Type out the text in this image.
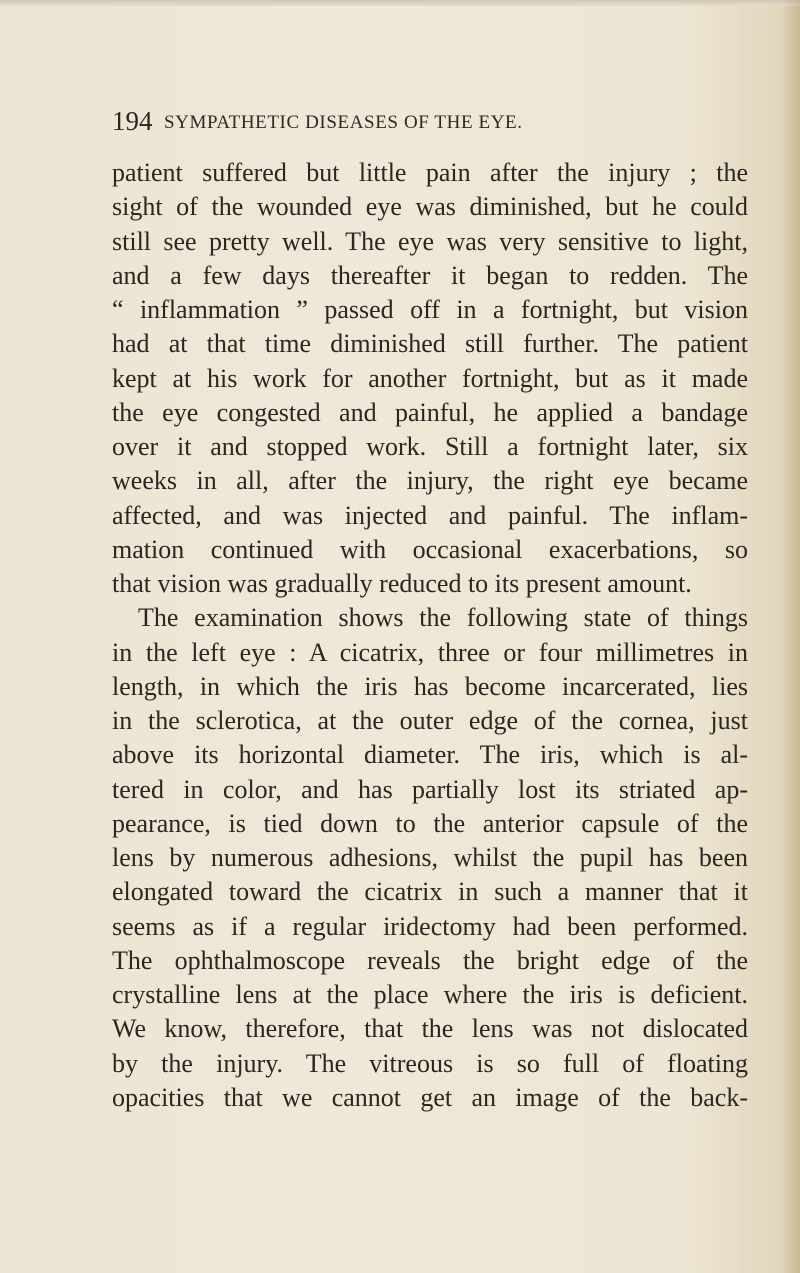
194 SYMPATHETIC DISEASES OF THE EYE.
patient suffered but little pain after the injury ; the
sight of the wounded eye was diminished, but he could
still see pretty well. The eye was very sensitive to light,
and a few days thereafter it began to redden. The
“ inflammation ” passed off in a fortnight, but vision
had at that time diminished still further. The patient
kept at his work for another fortnight, but as it made
the eye congested and painful, he applied a bandage
over it and stopped work. Still a fortnight later, six
weeks in all, after the injury, the right eye became
affected, and was injected and painful. The inflam-
mation continued with occasional exacerbations, so
that vision was gradually reduced to its present amount.
The examination shows the following state of things
in the left eye : A cicatrix, three or four millimetres in
length, in which the iris has become incarcerated, lies
in the sclerotica, at the outer edge of the cornea, just
above its horizontal diameter. The iris, which is al-
tered in color, and has partially lost its striated ap-
pearance, is tied down to the anterior capsule of the
lens by numerous adhesions, whilst the pupil has been
elongated toward the cicatrix in such a manner that it
seems as if a regular iridectomy had been performed.
The ophthalmoscope reveals the bright edge of the
crystalline lens at the place where the iris is deficient.
We know, therefore, that the lens was not dislocated
by the injury. The vitreous is so full of floating
opacities that we cannot get an image of the back-
